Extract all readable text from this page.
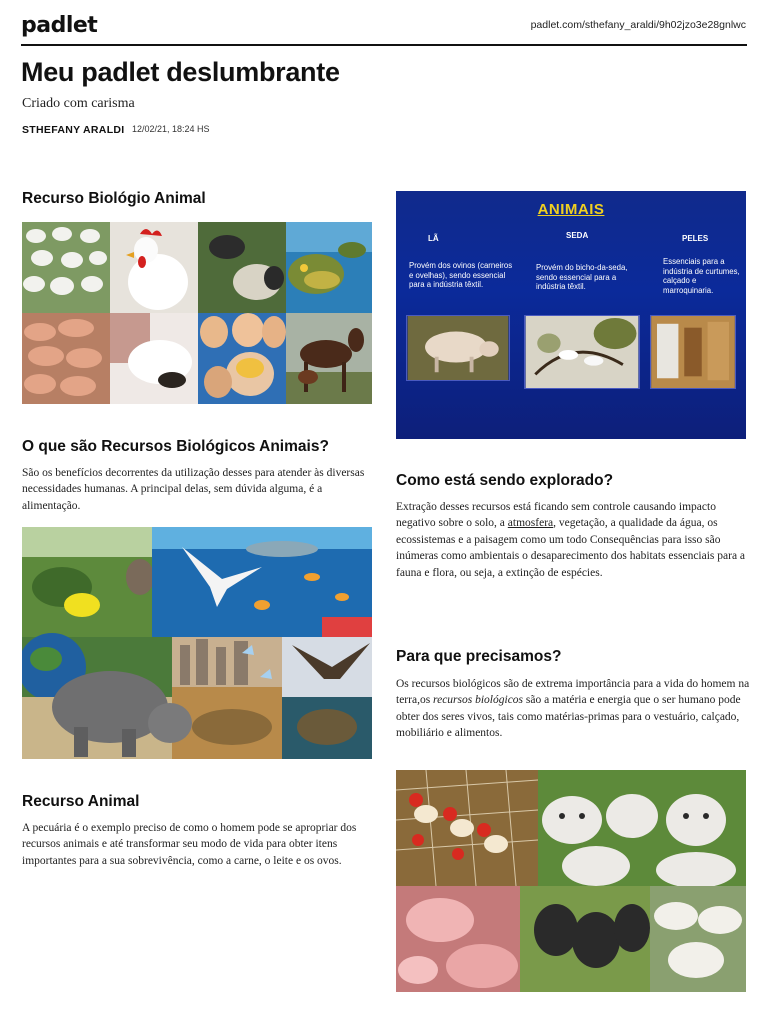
padlet	padlet.com/sthefany_araldi/9h02jzo3e28gnlwc
Meu padlet deslumbrante
Criado com carisma
STHEFANY ARALDI 12/02/21, 18:24 HS
Recurso Biológio Animal
O que são Recursos Biológicos Animais?
São os benefícios decorrentes da utilização desses para atender às diversas necessidades humanas. A principal delas, sem dúvida alguma, é a alimentação.
Recurso Animal
A pecuária é o exemplo preciso de como o homem pode se apropriar dos recursos animais e até transformar seu modo de vida para obter itens importantes para a sua sobrevivência, como a carne, o leite e os ovos.
ANIMAIS
LÃ	SEDA	PELES
Provém dos ovinos (carneiros e ovelhas), sendo essencial para a indústria têxtil.
Provém do bicho-da-seda, sendo essencial para a indústria têxtil.
Essenciais para a indústria de curtumes, calçado e marroquinaria.
Como está sendo explorado?
Extração desses recursos está ficando sem controle causando impacto negativo sobre o solo, a atmosfera, vegetação, a qualidade da água, os ecossistemas e a paisagem como um todo Consequências para isso são inúmeras como ambientais o desaparecimento dos habitats essenciais para a fauna e flora, ou seja, a extinção de espécies.
Para que precisamos?
Os recursos biológicos são de extrema importância para a vida do homem na terra,os recursos biológicos são a matéria e energia que o ser humano pode obter dos seres vivos, tais como matérias-primas para o vestuário, calçado, mobiliário e alimentos.
